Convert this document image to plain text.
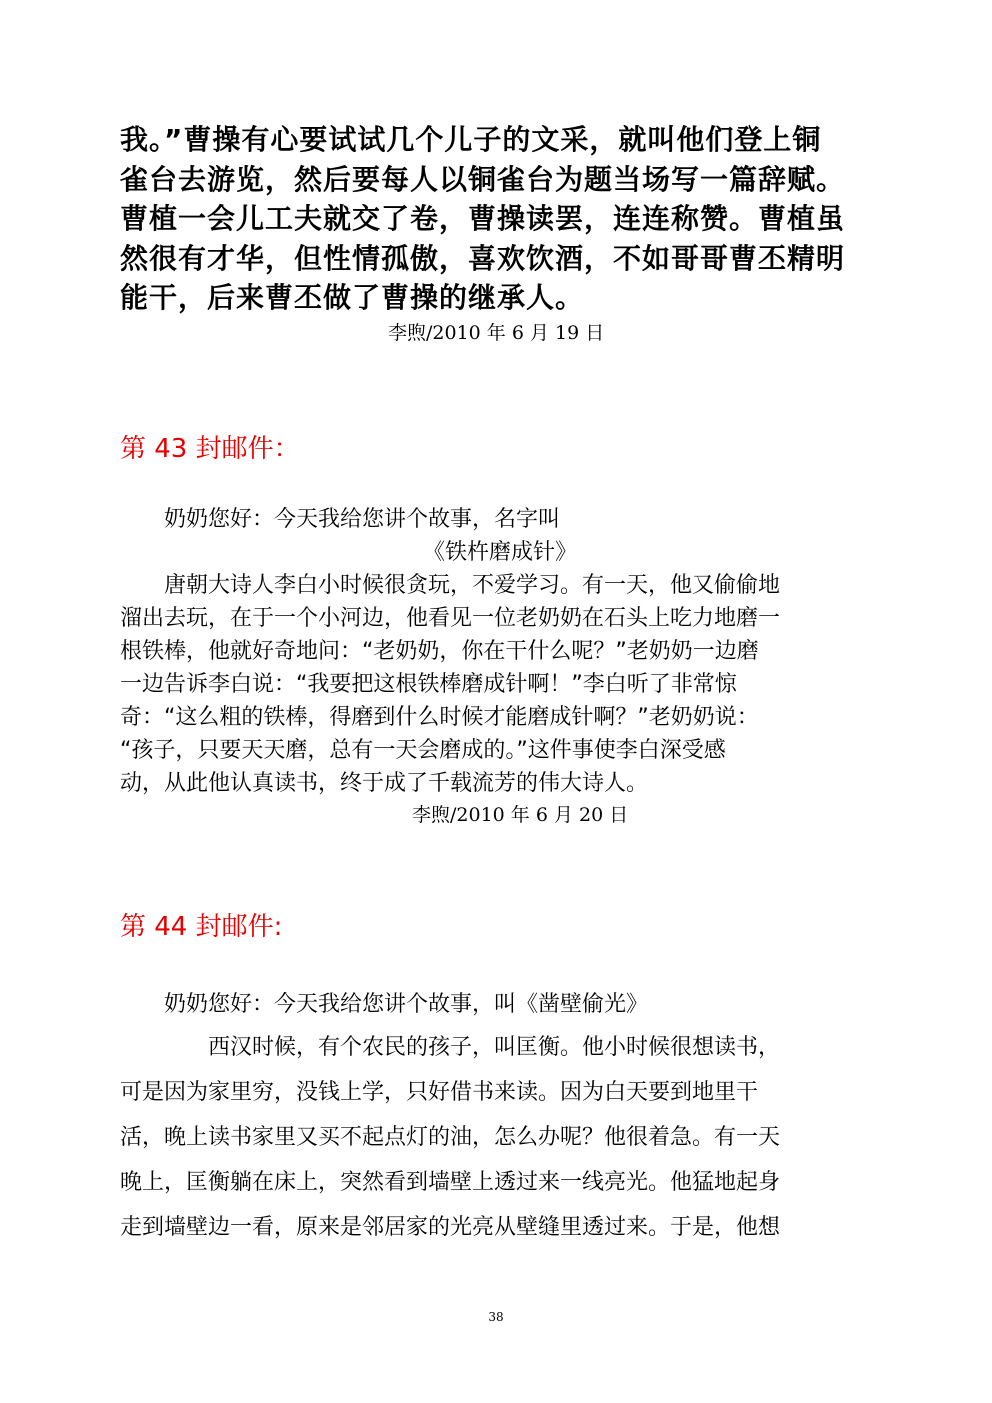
我。”曹操有心要试试几个儿子的文采，就叫他们登上铜

雀台去游览，然后要每人以铜雀台为题当场写一篇辞赋。

曹植一会儿工夫就交了卷，曹操读罢，连连称赞。曹植虽

然很有才华，但性情孤傲，喜欢饮酒，不如哥哥曹丕精明

能干，后来曹丕做了曹操的继承人。

李煦/2010 年 6 月 19 日
第 43 封邮件：

奶奶您好：今天我给您讲个故事，名字叫

《铁杵磨成针》

唐朝大诗人李白小时候很贪玩，不爱学习。有一天，他又偷偷地

溜出去玩，在于一个小河边，他看见一位老奶奶在石头上吃力地磨一

根铁棒，他就好奇地问：“老奶奶，你在干什么呢？”老奶奶一边磨

一边告诉李白说：“我要把这根铁棒磨成针啊！”李白听了非常惊

奇：“这么粗的铁棒，得磨到什么时候才能磨成针啊？”老奶奶说：

“孩子，只要天天磨，总有一天会磨成的。”这件事使李白深受感

动，从此他认真读书，终于成了千载流芳的伟大诗人。

李煦/2010 年 6 月 20 日
第 44 封邮件:

奶奶您好：今天我给您讲个故事，叫《凿壁偷光》

西汉时候，有个农民的孩子，叫匡衡。他小时候很想读书，

可是因为家里穷，没钱上学，只好借书来读。因为白天要到地里干

活，晚上读书家里又买不起点灯的油，怎么办呢？他很着急。有一天

晚上，匡衡躺在床上，突然看到墙壁上透过来一线亮光。他猛地起身

走到墙壁边一看，原来是邻居家的光亮从壁缝里透过来。于是，他想

38
